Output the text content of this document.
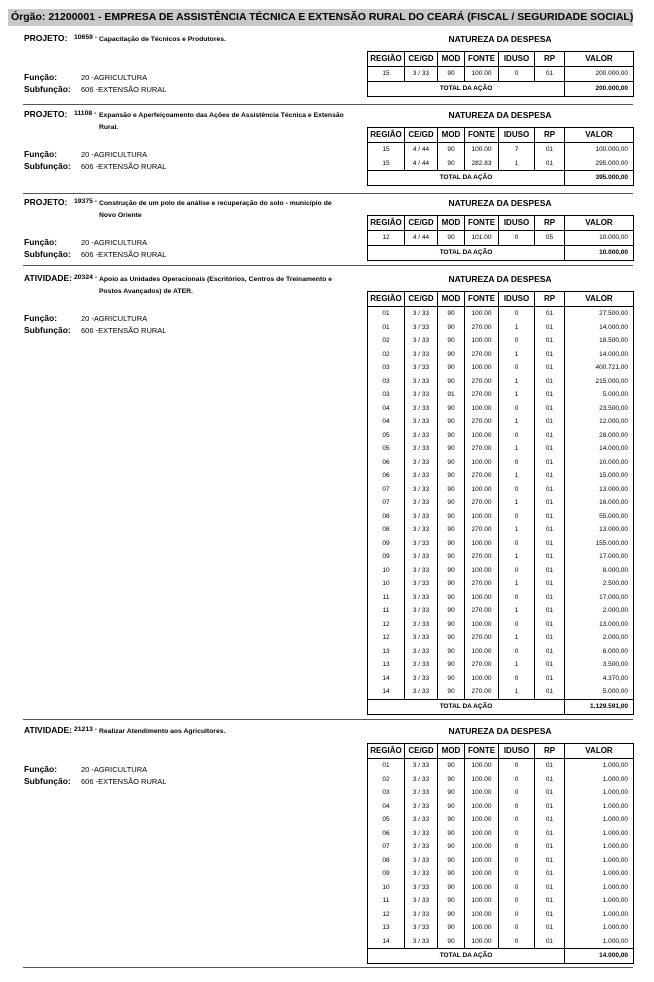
Órgão: 21200001 - EMPRESA DE ASSISTÊNCIA TÉCNICA E EXTENSÃO RURAL DO CEARÁ (FISCAL / SEGURIDADE SOCIAL)
PROJETO: 10659 - Capacitação de Técnicos e Produtores.
Função:	20 -AGRICULTURA
Subfunção: 606 -EXTENSÃO RURAL
NATUREZA DA DESPESA
REGIÃO	CE/GD	MOD	FONTE	IDUSO	RP	VALOR
15	3 / 33	90	100.00	0	01	200.000,00
TOTAL DA AÇÃO						200.000,00
PROJETO: 11108 - Expansão e Aperfeiçoamento das Ações de Assistência Técnica e Extensão Rural.
Função:	20 -AGRICULTURA
Subfunção: 606 -EXTENSÃO RURAL
NATUREZA DA DESPESA
REGIÃO	CE/GD	MOD	FONTE	IDUSO	RP	VALOR
15	4 / 44	90	100.00	7	01	100.000,00
15	4 / 44	90	282.83	1	01	295.000,00
TOTAL DA AÇÃO						395.000,00
PROJETO: 19375 - Construção de um polo de análise e recuperação do solo - município de Novo Oriente
Função:	20 -AGRICULTURA
Subfunção: 606 -EXTENSÃO RURAL
NATUREZA DA DESPESA
REGIÃO	CE/GD	MOD	FONTE	IDUSO	RP	VALOR
12	4 / 44	90	101.00	0	05	10.000,00
TOTAL DA AÇÃO						10.000,00
ATIVIDADE: 20324 - Apoio as Unidades Operacionais (Escritórios, Centros de Treinamento e Postos Avançados) de ATER.
Função:	20 -AGRICULTURA
Subfunção: 606 -EXTENSÃO RURAL
NATUREZA DA DESPESA
REGIÃO	CE/GD	MOD	FONTE	IDUSO	RP	VALOR
01	3 / 33	90	100.00	0	01	27.500,00
01	3 / 33	90	270.00	1	01	14.000,00
02	3 / 33	90	100.00	0	01	18.500,00
02	3 / 33	90	270.00	1	01	14.000,00
03	3 / 33	90	100.00	0	01	400.721,00
03	3 / 33	90	270.00	1	01	215.000,00
03	3 / 33	91	270.00	1	01	5.000,00
04	3 / 33	90	100.00	0	01	23.500,00
04	3 / 33	90	270.00	1	01	12.000,00
05	3 / 33	90	100.00	0	01	28.000,00
05	3 / 33	90	270.00	1	01	14.000,00
06	3 / 33	90	100.00	0	01	10.000,00
06	3 / 33	90	270.00	1	01	15.000,00
07	3 / 33	90	100.00	0	01	13.000,00
07	3 / 33	90	270.00	1	01	16.000,00
08	3 / 33	90	100.00	0	01	55.000,00
08	3 / 33	90	270.00	1	01	13.000,00
09	3 / 33	90	100.00	0	01	155.000,00
09	3 / 33	90	270.00	1	01	17.000,00
10	3 / 33	90	100.00	0	01	8.000,00
10	3 / 33	90	270.00	1	01	2.500,00
11	3 / 33	90	100.00	0	01	17.000,00
11	3 / 33	90	270.00	1	01	2.000,00
12	3 / 33	90	100.00	0	01	13.000,00
12	3 / 33	90	270.00	1	01	2.000,00
13	3 / 33	90	100.00	0	01	6.000,00
13	3 / 33	90	270.00	1	01	3.500,00
14	3 / 33	90	100.00	0	01	4.370,00
14	3 / 33	90	270.00	1	01	5.000,00
TOTAL DA AÇÃO						1.129.591,00
ATIVIDADE: 21213 - Realizar Atendimento aos Agricultores.
Função:	20 -AGRICULTURA
Subfunção: 606 -EXTENSÃO RURAL
NATUREZA DA DESPESA
REGIÃO	CE/GD	MOD	FONTE	IDUSO	RP	VALOR
01	3 / 33	90	100.00	0	01	1.000,00
02	3 / 33	90	100.00	0	01	1.000,00
03	3 / 33	90	100.00	0	01	1.000,00
04	3 / 33	90	100.00	0	01	1.000,00
05	3 / 33	90	100.00	0	01	1.000,00
06	3 / 33	90	100.00	0	01	1.000,00
07	3 / 33	90	100.00	0	01	1.000,00
08	3 / 33	90	100.00	0	01	1.000,00
09	3 / 33	90	100.00	0	01	1.000,00
10	3 / 33	90	100.00	0	01	1.000,00
11	3 / 33	90	100.00	0	01	1.000,00
12	3 / 33	90	100.00	0	01	1.000,00
13	3 / 33	90	100.00	0	01	1.000,00
14	3 / 33	90	100.00	0	01	1.000,00
TOTAL DA AÇÃO						14.000,00
